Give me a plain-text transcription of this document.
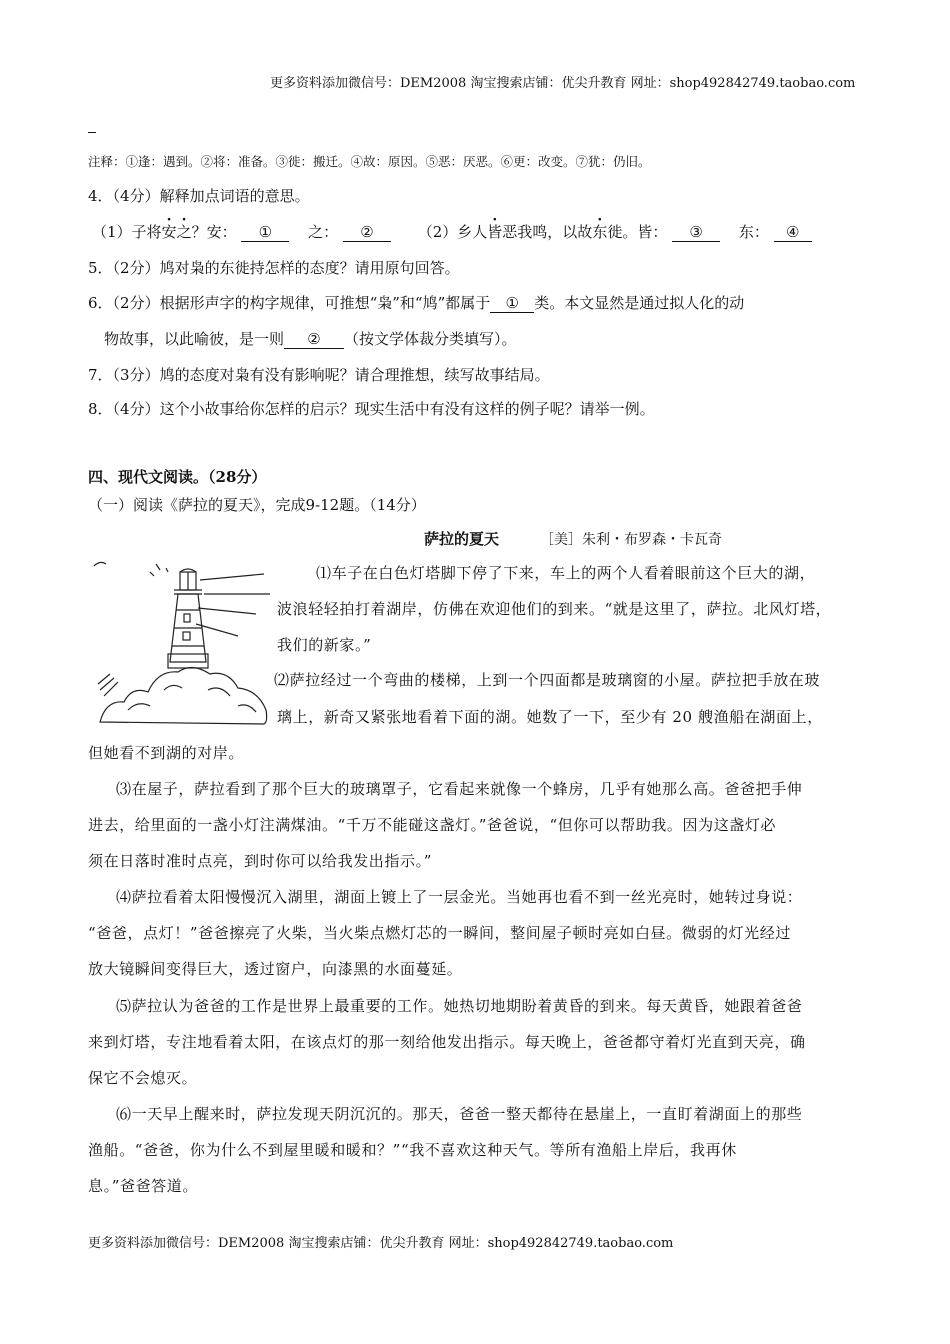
更多资料添加微信号：DEM2008 淘宝搜索店铺：优尖升教育 网址：shop492842749.taobao.com
注释：①逢：遇到。②将：准备。③徙：搬迁。④故：原因。⑤恶：厌恶。⑥更：改变。⑦犹：仍旧。
4．（4分）解释加点词语的意思。
（1）子将安之？安： ① 之： ②	（2）乡人皆恶我鸣，以故东徙。皆： ③ 东： ④
5．（2分）鸠对枭的东徙持怎样的态度？请用原句回答。
6．（2分）根据形声字的构字规律，可推想“枭”和“鸠”都属于 ① 类。本文显然是通过拟人化的动
物故事，以此喻彼，是一则 ② （按文学体裁分类填写）。
7．（3分）鸠的态度对枭有没有影响呢？请合理推想，续写故事结局。
8．（4分）这个小故事给你怎样的启示？现实生活中有没有这样的例子呢？请举一例。
四、现代文阅读。（28分）
（一）阅读《萨拉的夏天》，完成9-12题。（14分）
萨拉的夏天	［美］朱利・布罗森・卡瓦奇
⑴车子在白色灯塔脚下停了下来，车上的两个人看着眼前这个巨大的湖，
波浪轻轻拍打着湖岸，仿佛在欢迎他们的到来。“就是这里了，萨拉。北风灯塔，
我们的新家。”
⑵萨拉经过一个弯曲的楼梯，上到一个四面都是玻璃窗的小屋。萨拉把手放在玻
璃上，新奇又紧张地看着下面的湖。她数了一下，至少有 20 艘渔船在湖面上，
但她看不到湖的对岸。
⑶在屋子，萨拉看到了那个巨大的玻璃罩子，它看起来就像一个蜂房，几乎有她那么高。爸爸把手伸
进去，给里面的一盏小灯注满煤油。“千万不能碰这盏灯。”爸爸说，“但你可以帮助我。因为这盏灯必
须在日落时准时点亮，到时你可以给我发出指示。”
⑷萨拉看着太阳慢慢沉入湖里，湖面上镀上了一层金光。当她再也看不到一丝光亮时，她转过身说：
“爸爸，点灯！”爸爸擦亮了火柴，当火柴点燃灯芯的一瞬间，整间屋子顿时亮如白昼。微弱的灯光经过
放大镜瞬间变得巨大，透过窗户，向漆黑的水面蔓延。
⑸萨拉认为爸爸的工作是世界上最重要的工作。她热切地期盼着黄昏的到来。每天黄昏，她跟着爸爸
来到灯塔，专注地看着太阳，在该点灯的那一刻给他发出指示。每天晚上，爸爸都守着灯光直到天亮，确
保它不会熄灭。
⑹一天早上醒来时，萨拉发现天阴沉沉的。那天，爸爸一整天都待在悬崖上，一直盯着湖面上的那些
渔船。“爸爸，你为什么不到屋里暖和暖和？”“我不喜欢这种天气。等所有渔船上岸后，我再休
息。”爸爸答道。
更多资料添加微信号：DEM2008 淘宝搜索店铺：优尖升教育 网址：shop492842749.taobao.com
